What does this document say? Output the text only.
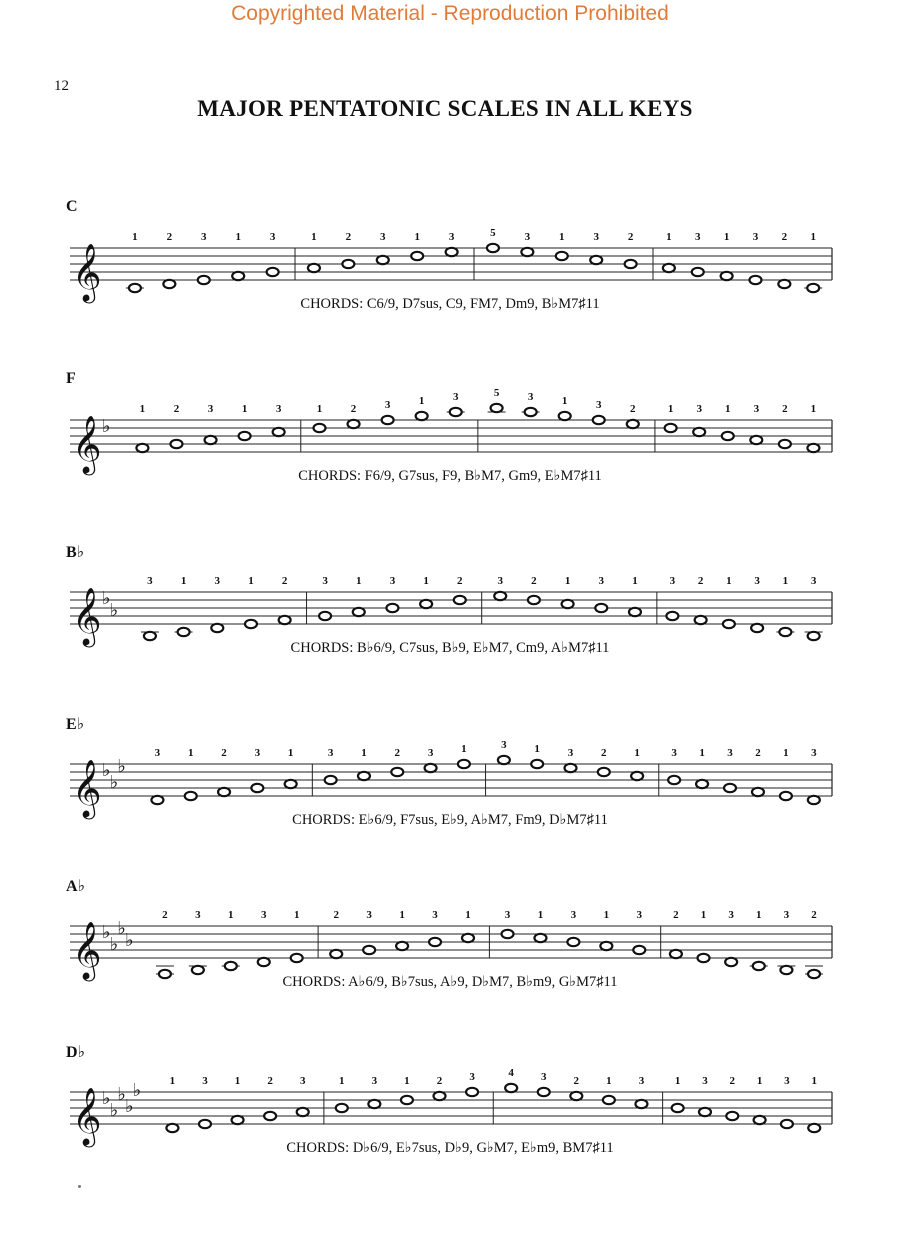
Copyrighted Material - Reproduction Prohibited
12
MAJOR PENTATONIC SCALES IN ALL KEYS
C
𝄞
1	2	3	1	3	1	2	3	1	3	5	3	1	3	2	1 3 1 3 2 1
CHORDS: C6/9, D7sus, C9, FM7, Dm9, B♭M7♯11
F
𝄞 ♭
1	2	3	1	3	1	2	3	1	3	5	3	1	3	2	1 3 1 3 2 1
CHORDS: F6/9, G7sus, F9, B♭M7, Gm9, E♭M7♯11
B♭
𝄞 ♭
♭
3	1	3	1	2	3	1	3	1	2	3	2	1	3	1	3 2 1 3 1 3
CHORDS: B♭6/9, C7sus, B♭9, E♭M7, Cm9, A♭M7♯11
E♭
𝄞 ♭
♭
♭
3	1	2	3	1	3	1	2	3	1	3	1	3	2	1	3 1 3 2 1 3
CHORDS: E♭6/9, F7sus, E♭9, A♭M7, Fm9, D♭M7♯11
A♭
𝄞 ♭
♭
♭
♭
2 3 1 3 1	2 3 1 3 1	3 1 3 1 3	2 1 3 1 3 2
CHORDS: A♭6/9, B♭7sus, A♭9, D♭M7, B♭m9, G♭M7♯11
D♭
𝄞 ♭
♭
♭
♭
♭	1 3 1 2 3	1 3 1 2 3	4 3 2 1 3	1 3 2 1 3 1
CHORDS: D♭6/9, E♭7sus, D♭9, G♭M7, E♭m9, BM7♯11
